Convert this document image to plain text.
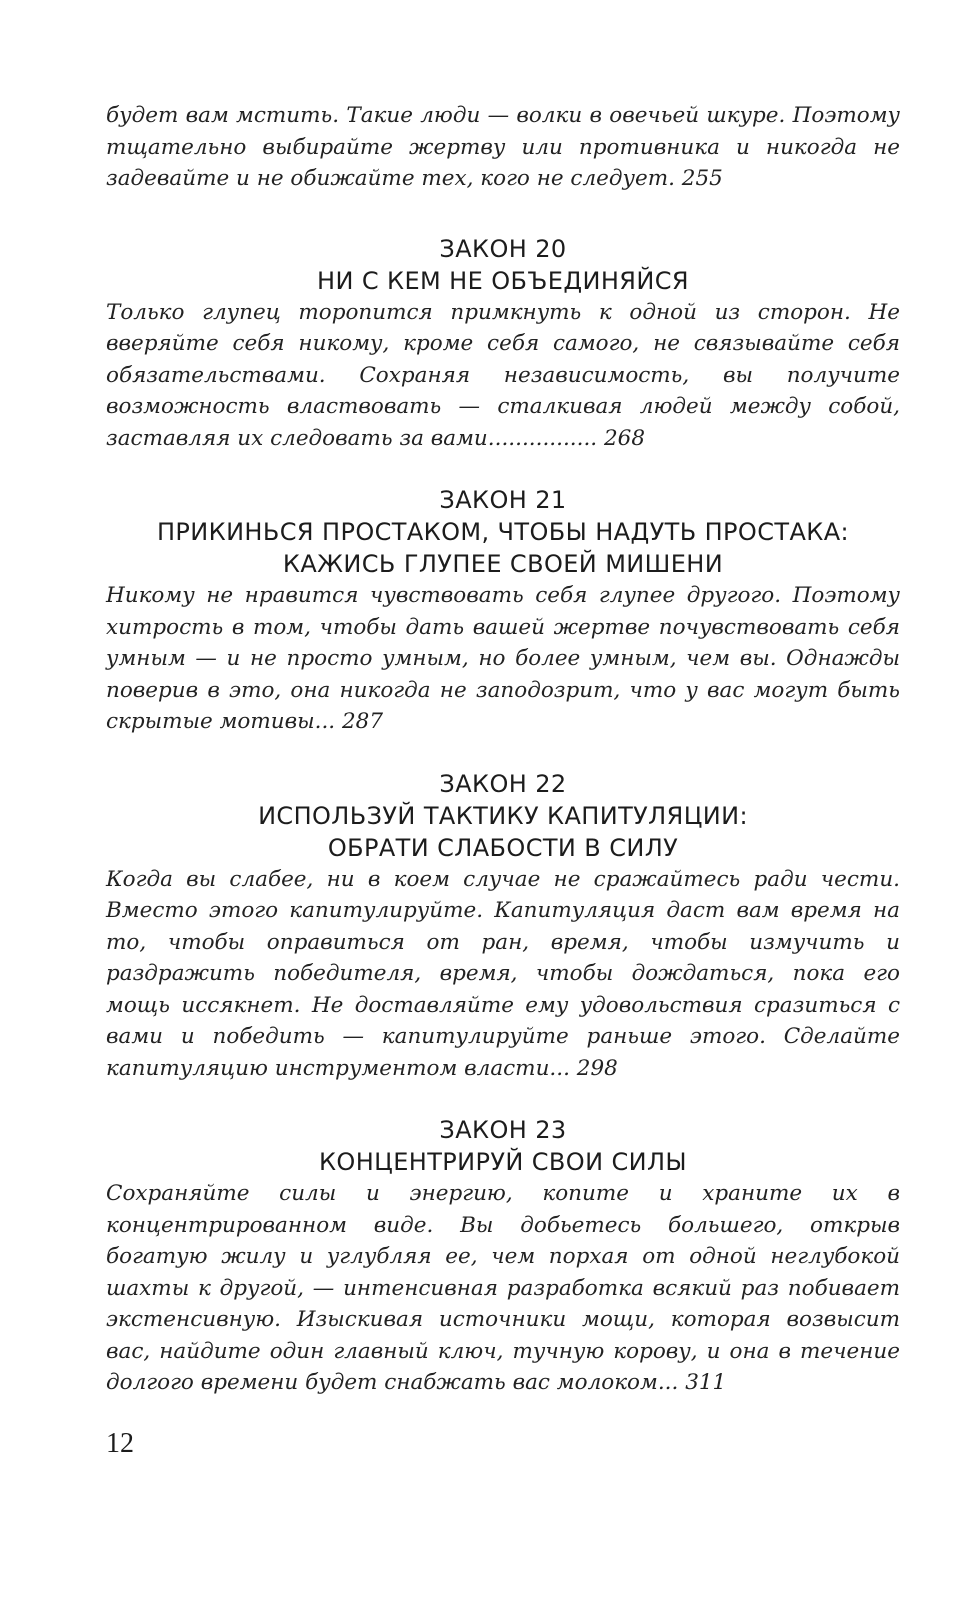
будет вам мстить. Такие люди — волки в овечьей шкуре. Поэтому тщательно выбирайте жертву или противника и никогда не задевайте и не обижайте тех, кого не следует. 255
ЗАКОН 20
НИ С КЕМ НЕ ОБЪЕДИНЯЙСЯ
Только глупец торопится примкнуть к одной из сторон. Не вверяйте себя никому, кроме себя самого, не связывайте себя обязательствами. Сохраняя независимость, вы получите возможность властвовать — сталкивая людей между собой, заставляя их следовать за вами................ 268
ЗАКОН 21
ПРИКИНЬСЯ ПРОСТАКОМ, ЧТОБЫ НАДУТЬ ПРОСТАКА:
КАЖИСЬ ГЛУПЕЕ СВОЕЙ МИШЕНИ
Никому не нравится чувствовать себя глупее другого. Поэтому хитрость в том, чтобы дать вашей жертве почувствовать себя умным — и не просто умным, но более умным, чем вы. Однажды поверив в это, она никогда не заподозрит, что у вас могут быть скрытые мотивы... 287
ЗАКОН 22
ИСПОЛЬЗУЙ ТАКТИКУ КАПИТУЛЯЦИИ:
ОБРАТИ СЛАБОСТИ В СИЛУ
Когда вы слабее, ни в коем случае не сражайтесь ради чести. Вместо этого капитулируйте. Капитуляция даст вам время на то, чтобы оправиться от ран, время, чтобы измучить и раздражить победителя, время, чтобы дождаться, пока его мощь иссякнет. Не доставляйте ему удовольствия сразиться с вами и победить — капитулируйте раньше этого. Сделайте капитуляцию инструментом власти... 298
ЗАКОН 23
КОНЦЕНТРИРУЙ СВОИ СИЛЫ
Сохраняйте силы и энергию, копите и храните их в концентрированном виде. Вы добьетесь большего, открыв богатую жилу и углубляя ее, чем порхая от одной неглубокой шахты к другой, — интенсивная разработка всякий раз побивает экстенсивную. Изыскивая источники мощи, которая возвысит вас, найдите один главный ключ, тучную корову, и она в течение долгого времени будет снабжать вас молоком... 311
12
